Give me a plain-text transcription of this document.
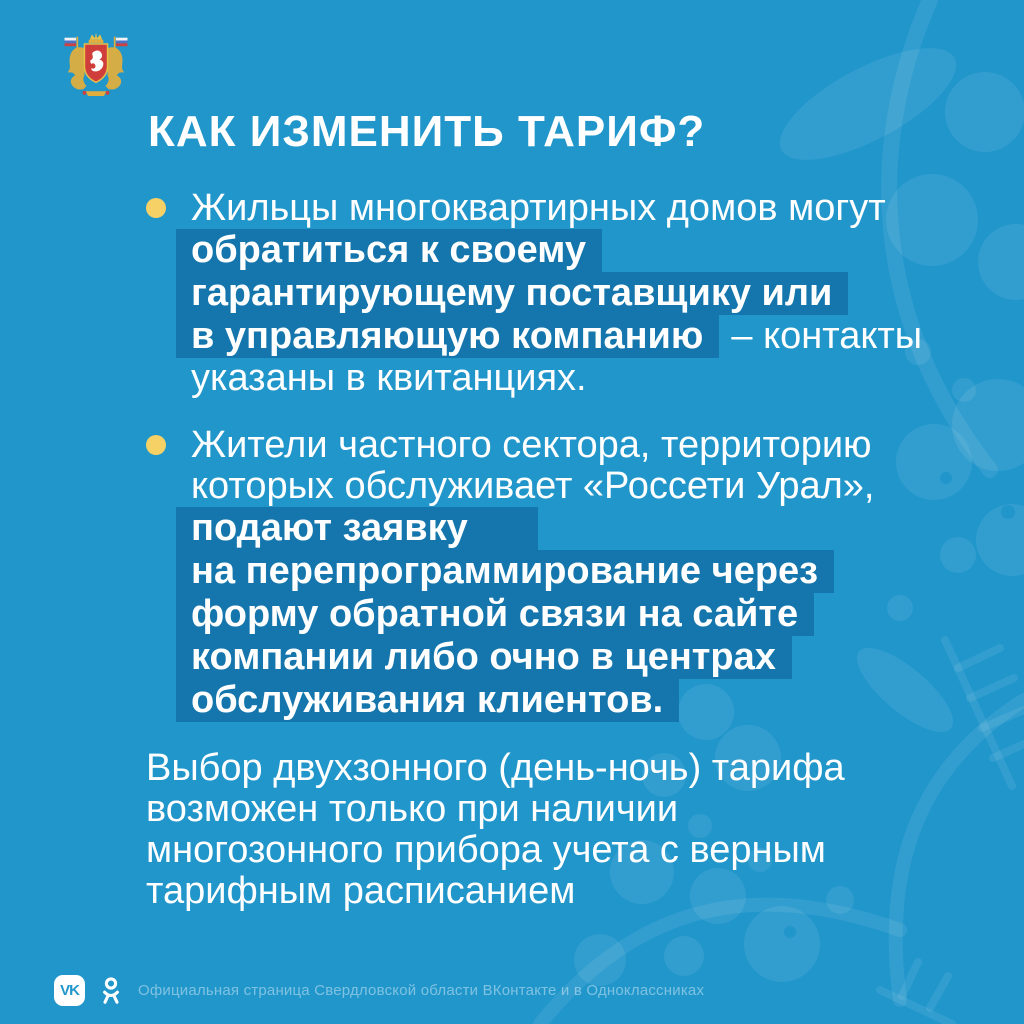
КАК ИЗМЕНИТЬ ТАРИФ?
Жильцы многоквартирных домов могут
обратиться к своему
гарантирующему поставщику или
в управляющую компанию – контакты
указаны в квитанциях.
Жители частного сектора, территорию
которых обслуживает «Россети Урал»,
подают заявку
на перепрограммирование через
форму обратной связи на сайте
компании либо очно в центрах
обслуживания клиентов.
Выбор двухзонного (день-ночь) тарифа
возможен только при наличии
многозонного прибора учета с верным
тарифным расписанием
VK	Официальная страница Свердловской области ВКонтакте и в Одноклассниках
